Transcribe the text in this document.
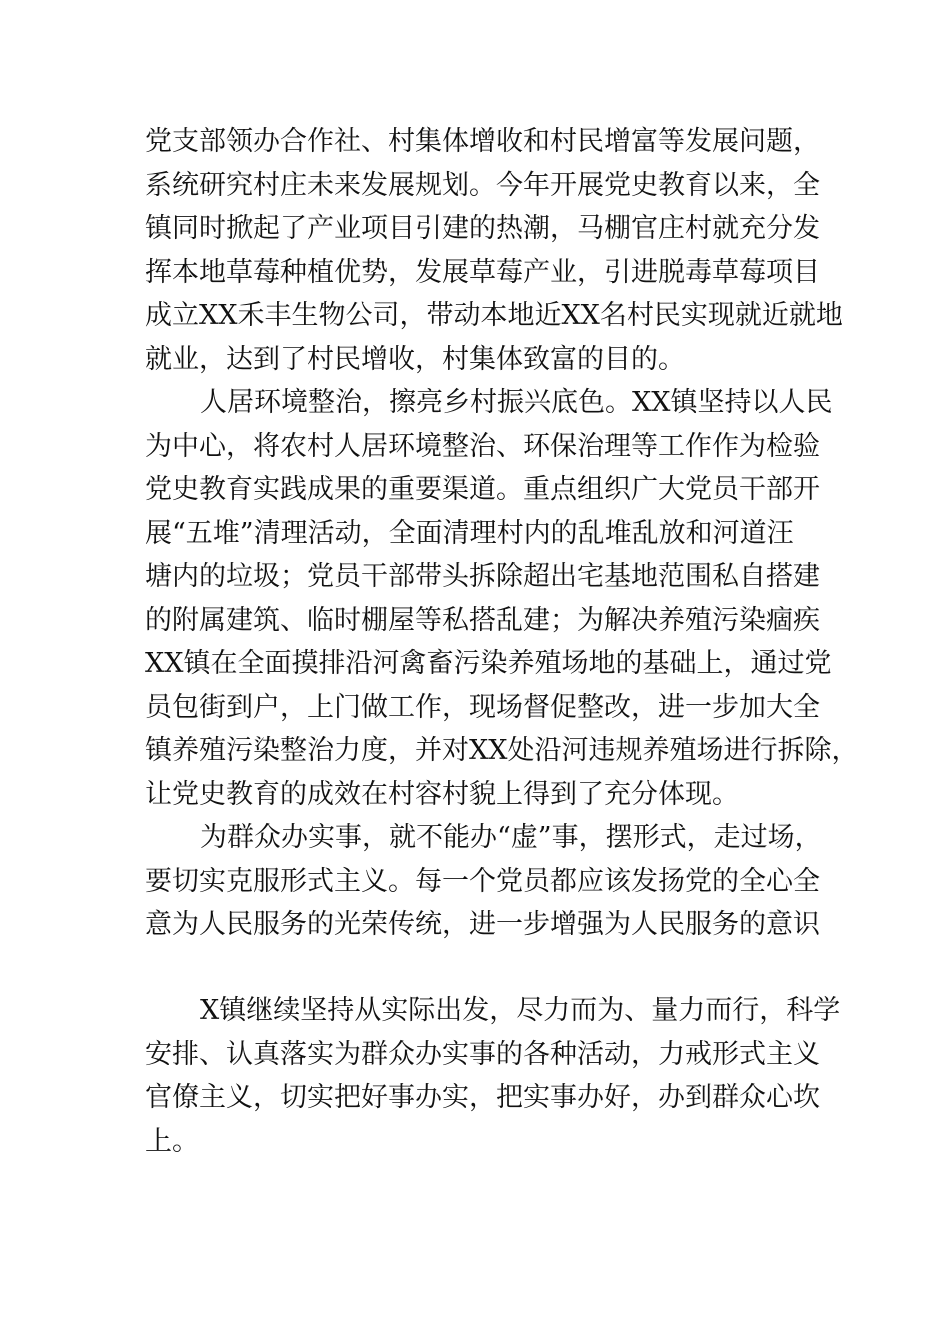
党支部领办合作社、村集体增收和村民增富等发展问题，
系统研究村庄未来发展规划。今年开展党史教育以来，全
镇同时掀起了产业项目引建的热潮，马棚官庄村就充分发
挥本地草莓种植优势，发展草莓产业，引进脱毒草莓项目
成立XX禾丰生物公司，带动本地近XX名村民实现就近就地
就业，达到了村民增收，村集体致富的目的。
人居环境整治，擦亮乡村振兴底色。XX镇坚持以人民
为中心，将农村人居环境整治、环保治理等工作作为检验
党史教育实践成果的重要渠道。重点组织广大党员干部开
展“五堆”清理活动，全面清理村内的乱堆乱放和河道汪
塘内的垃圾；党员干部带头拆除超出宅基地范围私自搭建
的附属建筑、临时棚屋等私搭乱建；为解决养殖污染痼疾
XX镇在全面摸排沿河禽畜污染养殖场地的基础上，通过党
员包街到户，上门做工作，现场督促整改，进一步加大全
镇养殖污染整治力度，并对XX处沿河违规养殖场进行拆除，
让党史教育的成效在村容村貌上得到了充分体现。
为群众办实事，就不能办“虚”事，摆形式，走过场，
要切实克服形式主义。每一个党员都应该发扬党的全心全
意为人民服务的光荣传统，进一步增强为人民服务的意识
X镇继续坚持从实际出发，尽力而为、量力而行，科学
安排、认真落实为群众办实事的各种活动，力戒形式主义
官僚主义，切实把好事办实，把实事办好，办到群众心坎
上。
